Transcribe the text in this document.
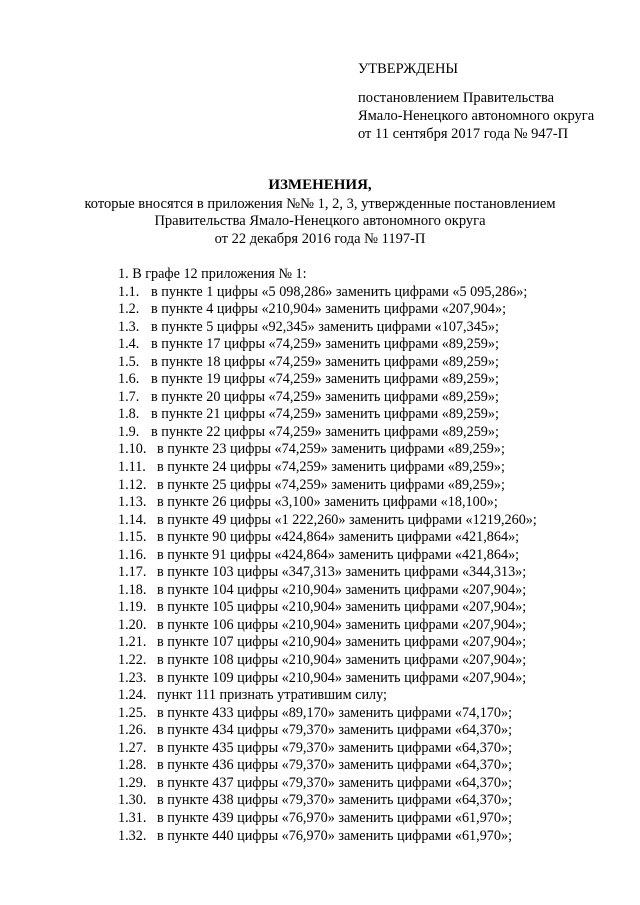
УТВЕРЖДЕНЫ
постановлением Правительства
Ямало-Ненецкого автономного округа
от 11 сентября 2017 года № 947-П
ИЗМЕНЕНИЯ,
которые вносятся в приложения №№ 1, 2, 3, утвержденные постановлением
Правительства Ямало-Ненецкого автономного округа
от 22 декабря 2016 года № 1197-П
1. В графе 12 приложения № 1:
1.1. в пункте 1 цифры «5 098,286» заменить цифрами «5 095,286»;
1.2. в пункте 4 цифры «210,904» заменить цифрами «207,904»;
1.3. в пункте 5 цифры «92,345» заменить цифрами «107,345»;
1.4. в пункте 17 цифры «74,259» заменить цифрами «89,259»;
1.5. в пункте 18 цифры «74,259» заменить цифрами «89,259»;
1.6. в пункте 19 цифры «74,259» заменить цифрами «89,259»;
1.7. в пункте 20 цифры «74,259» заменить цифрами «89,259»;
1.8. в пункте 21 цифры «74,259» заменить цифрами «89,259»;
1.9. в пункте 22 цифры «74,259» заменить цифрами «89,259»;
1.10. в пункте 23 цифры «74,259» заменить цифрами «89,259»;
1.11. в пункте 24 цифры «74,259» заменить цифрами «89,259»;
1.12. в пункте 25 цифры «74,259» заменить цифрами «89,259»;
1.13. в пункте 26 цифры «3,100» заменить цифрами «18,100»;
1.14. в пункте 49 цифры «1 222,260» заменить цифрами «1219,260»;
1.15. в пункте 90 цифры «424,864» заменить цифрами «421,864»;
1.16. в пункте 91 цифры «424,864» заменить цифрами «421,864»;
1.17. в пункте 103 цифры «347,313» заменить цифрами «344,313»;
1.18. в пункте 104 цифры «210,904» заменить цифрами «207,904»;
1.19. в пункте 105 цифры «210,904» заменить цифрами «207,904»;
1.20. в пункте 106 цифры «210,904» заменить цифрами «207,904»;
1.21. в пункте 107 цифры «210,904» заменить цифрами «207,904»;
1.22. в пункте 108 цифры «210,904» заменить цифрами «207,904»;
1.23. в пункте 109 цифры «210,904» заменить цифрами «207,904»;
1.24. пункт 111 признать утратившим силу;
1.25. в пункте 433 цифры «89,170» заменить цифрами «74,170»;
1.26. в пункте 434 цифры «79,370» заменить цифрами «64,370»;
1.27. в пункте 435 цифры «79,370» заменить цифрами «64,370»;
1.28. в пункте 436 цифры «79,370» заменить цифрами «64,370»;
1.29. в пункте 437 цифры «79,370» заменить цифрами «64,370»;
1.30. в пункте 438 цифры «79,370» заменить цифрами «64,370»;
1.31. в пункте 439 цифры «76,970» заменить цифрами «61,970»;
1.32. в пункте 440 цифры «76,970» заменить цифрами «61,970»;
